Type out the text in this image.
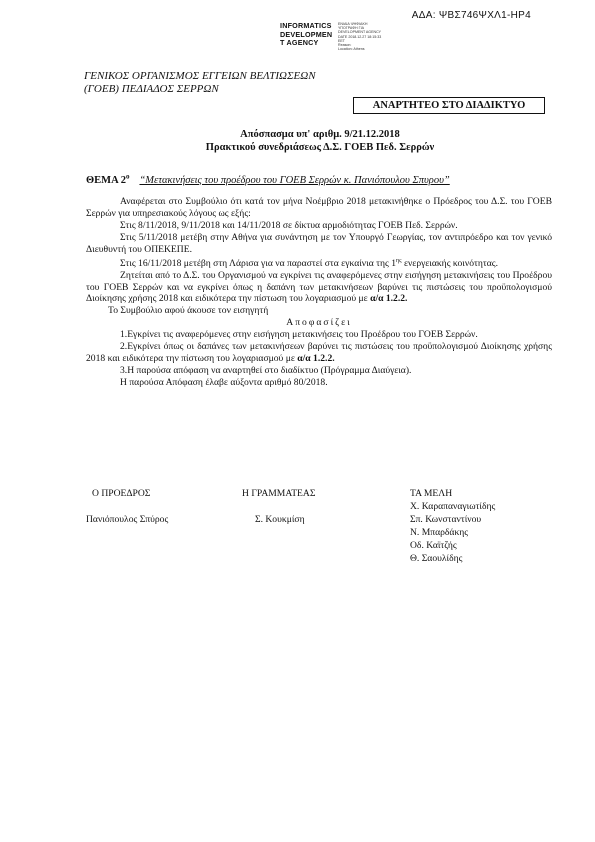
ΑΔΑ: ΨΒΣ746ΨΧΛ1-ΗΡ4
INFORMATICS
DEVELOPMEN
T AGENCY
ΕΝΙΑΙΑ ΨΗΦΙΑΚΗ
ΥΠΟΓΡΑΦΗ ΓΙΑ
DEVELOPMENT AGENCY
DATE 2018.12.27 18:15:33
EET
Reason:
Location: Athens
ΓΕΝΙΚΟΣ ΟΡΓΑΝΙΣΜΟΣ ΕΓΓΕΙΩΝ ΒΕΛΤΙΩΣΕΩΝ
(ΓΟΕΒ) ΠΕΔΙΑΔΟΣ ΣΕΡΡΩΝ
ΑΝΑΡΤΗΤΕΟ ΣΤΟ ΔΙΑΔΙΚΤΥΟ
Απόσπασμα υπ' αριθμ. 9/21.12.2018
Πρακτικού συνεδριάσεως Δ.Σ. ΓΟΕΒ Πεδ. Σερρών
ΘΕΜΑ $2^o$ “Μετακινήσεις του προέδρου του ΓΟΕΒ Σερρών κ. Πανιόπουλου Σπυρου”

Αναφέρεται στο Συμβούλιο ότι κατά τον μήνα Νοέμβριο 2018 μετακινήθηκε ο Πρόεδρος του Δ.Σ. του ΓΟΕΒ Σερρών για υπηρεσιακούς λόγους ως εξής:

Στις 8/11/2018, 9/11/2018 και 14/11/2018 σε δίκτυα αρμοδιότητας ΓΟΕΒ Πεδ. Σερρών.

Στις 5/11/2018 μετέβη στην Αθήνα για συνάντηση με τον Υπουργό Γεωργίας, τον αντιπρόεδρο και τον γενικό Διευθυντή του ΟΠΕΚΕΠΕ.

Στις 16/11/2018 μετέβη στη Λάρισα για να παραστεί στα εγκαίνια της $1^{\eta\varsigma}$ ενεργειακής κοινότητας.

Ζητείται από το Δ.Σ. του Οργανισμού να εγκρίνει τις αναφερόμενες στην εισήγηση μετακινήσεις του Προέδρου του ΓΟΕΒ Σερρών και να εγκρίνει όπως η δαπάνη των μετακινήσεων βαρύνει τις πιστώσεις του προϋπολογισμού Διοίκησης χρήσης 2018 και ειδικότερα την πίστωση του λογαριασμού με α/α 1.2.2.

Το Συμβούλιο αφού άκουσε τον εισηγητή

Αποφασίζει

1.Εγκρίνει τις αναφερόμενες στην εισήγηση μετακινήσεις του Προέδρου του ΓΟΕΒ Σερρών.

2.Εγκρίνει όπως οι δαπάνες των μετακινήσεων βαρύνει τις πιστώσεις του προϋπολογισμού Διοίκησης χρήσης 2018 και ειδικότερα την πίστωση του λογαριασμού με α/α 1.2.2.

3.Η παρούσα απόφαση να αναρτηθεί στο διαδίκτυο (Πρόγραμμα Διαύγεια).

Η παρούσα Απόφαση έλαβε αύξοντα αριθμό 80/2018.

Ο ΠΡΟΕΔΡΟΣ
Πανιόπουλος Σπύρος
Η ΓΡΑΜΜΑΤΕΑΣ
Σ. Κουκμίση
ΤΑ ΜΕΛΗ
Χ. Καραπαναγιωτίδης
Σπ. Κωνσταντίνου
Ν. Μπαρδάκης
Οδ. Καϊτζής
Θ. Σαουλίδης
